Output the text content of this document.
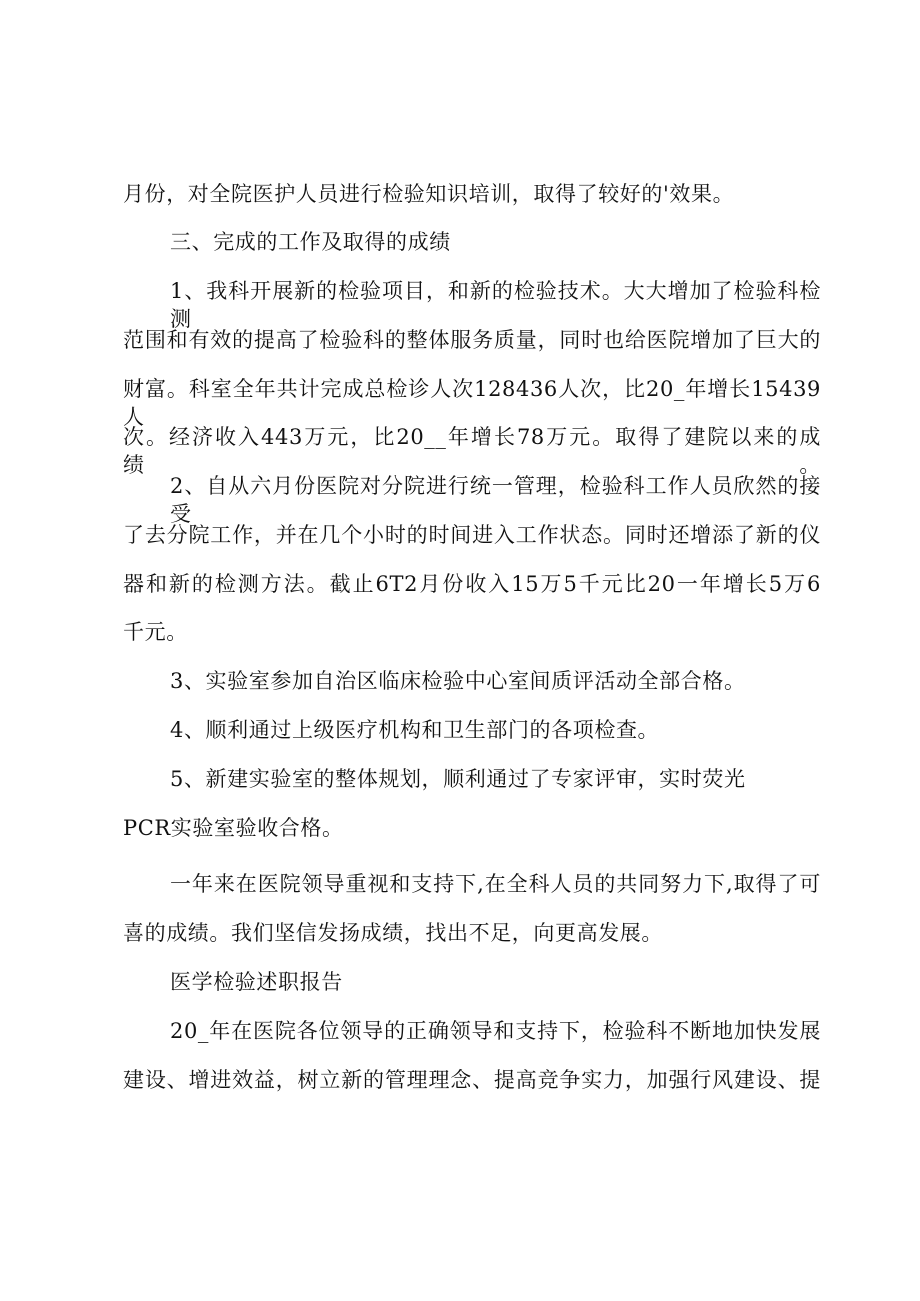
月份，对全院医护人员进行检验知识培训，取得了较好的'效果。
三、完成的工作及取得的成绩
1、我科开展新的检验项目，和新的检验技术。大大增加了检验科检测
范围和有效的提高了检验科的整体服务质量，同时也给医院增加了巨大的
财富。科室全年共计完成总检诊人次128436人次，比20_年增长15439人
次。经济收入443万元，比20__年增长78万元。取得了建院以来的成绩。
2、自从六月份医院对分院进行统一管理，检验科工作人员欣然的接受
了去分院工作，并在几个小时的时间进入工作状态。同时还增添了新的仪
器和新的检测方法。截止6T2月份收入15万5千元比20一年增长5万6
千元。
3、实验室参加自治区临床检验中心室间质评活动全部合格。
4、顺利通过上级医疗机构和卫生部门的各项检查。
5、新建实验室的整体规划，顺利通过了专家评审，实时荧光
PCR实验室验收合格。
一年来在医院领导重视和支持下,在全科人员的共同努力下,取得了可
喜的成绩。我们坚信发扬成绩，找出不足，向更高发展。
医学检验述职报告
20_年在医院各位领导的正确领导和支持下，检验科不断地加快发展
建设、增进效益，树立新的管理理念、提高竞争实力，加强行风建设、提
